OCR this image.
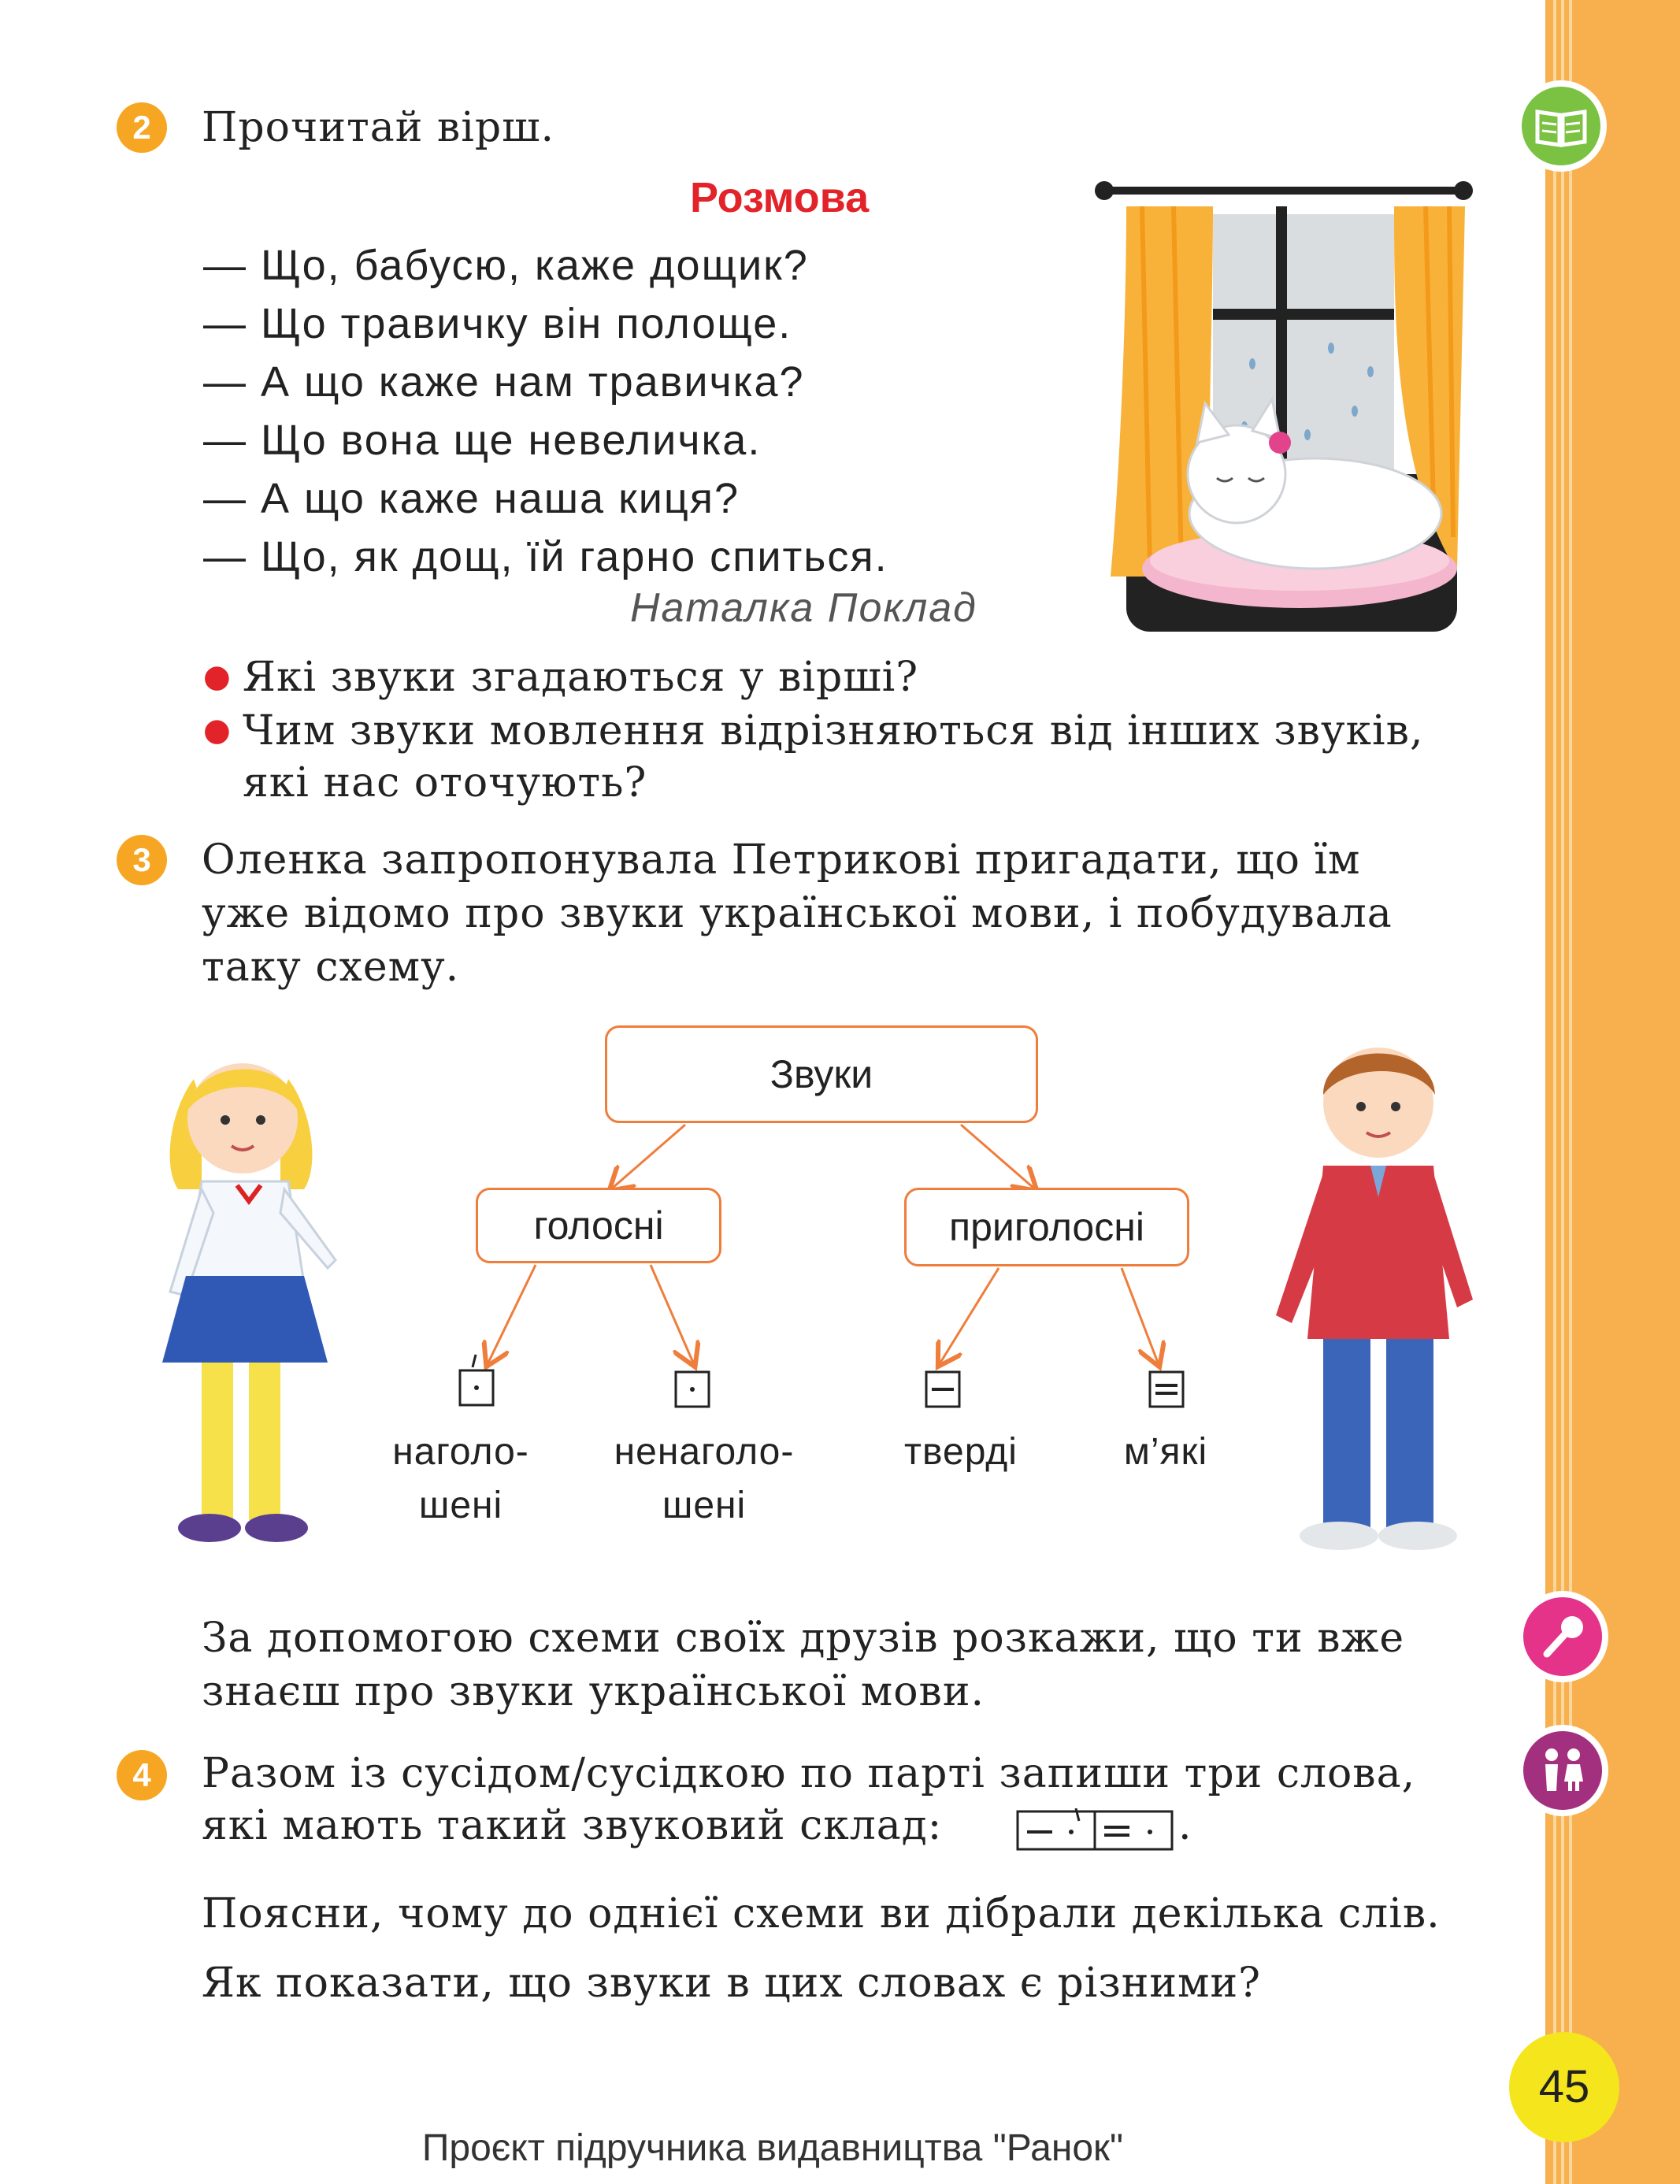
2	Прочитай вірш.
Розмова
— Що, бабусю, каже дощик?
— Що травичку він полоще.
— А що каже нам травичка?
— Що вона ще невеличка.
— А що каже наша киця?
— Що, як дощ, їй гарно спиться.
Наталка Поклад
● Які звуки згадаються у вірші?
● Чим звуки мовлення відрізняються від інших звуків,
які нас оточують?
3	Оленка запропонувала Петрикові пригадати, що їм
уже відомо про звуки української мови, і побудувала
таку схему.
Звуки
голосні	приголосні
наголо-
шені
ненаголо-
шені
тверді	м’які
За допомогою схеми своїх друзів розкажи, що ти вже
знаєш про звуки української мови.
4	Разом із сусідом/сусідкою по парті запиши три слова,
які мають такий звуковий склад:	.
Поясни, чому до однієї схеми ви дібрали декілька слів.
Як показати, що звуки в цих словах є різними?
45
Проєкт підручника видавництва "Ранок"
